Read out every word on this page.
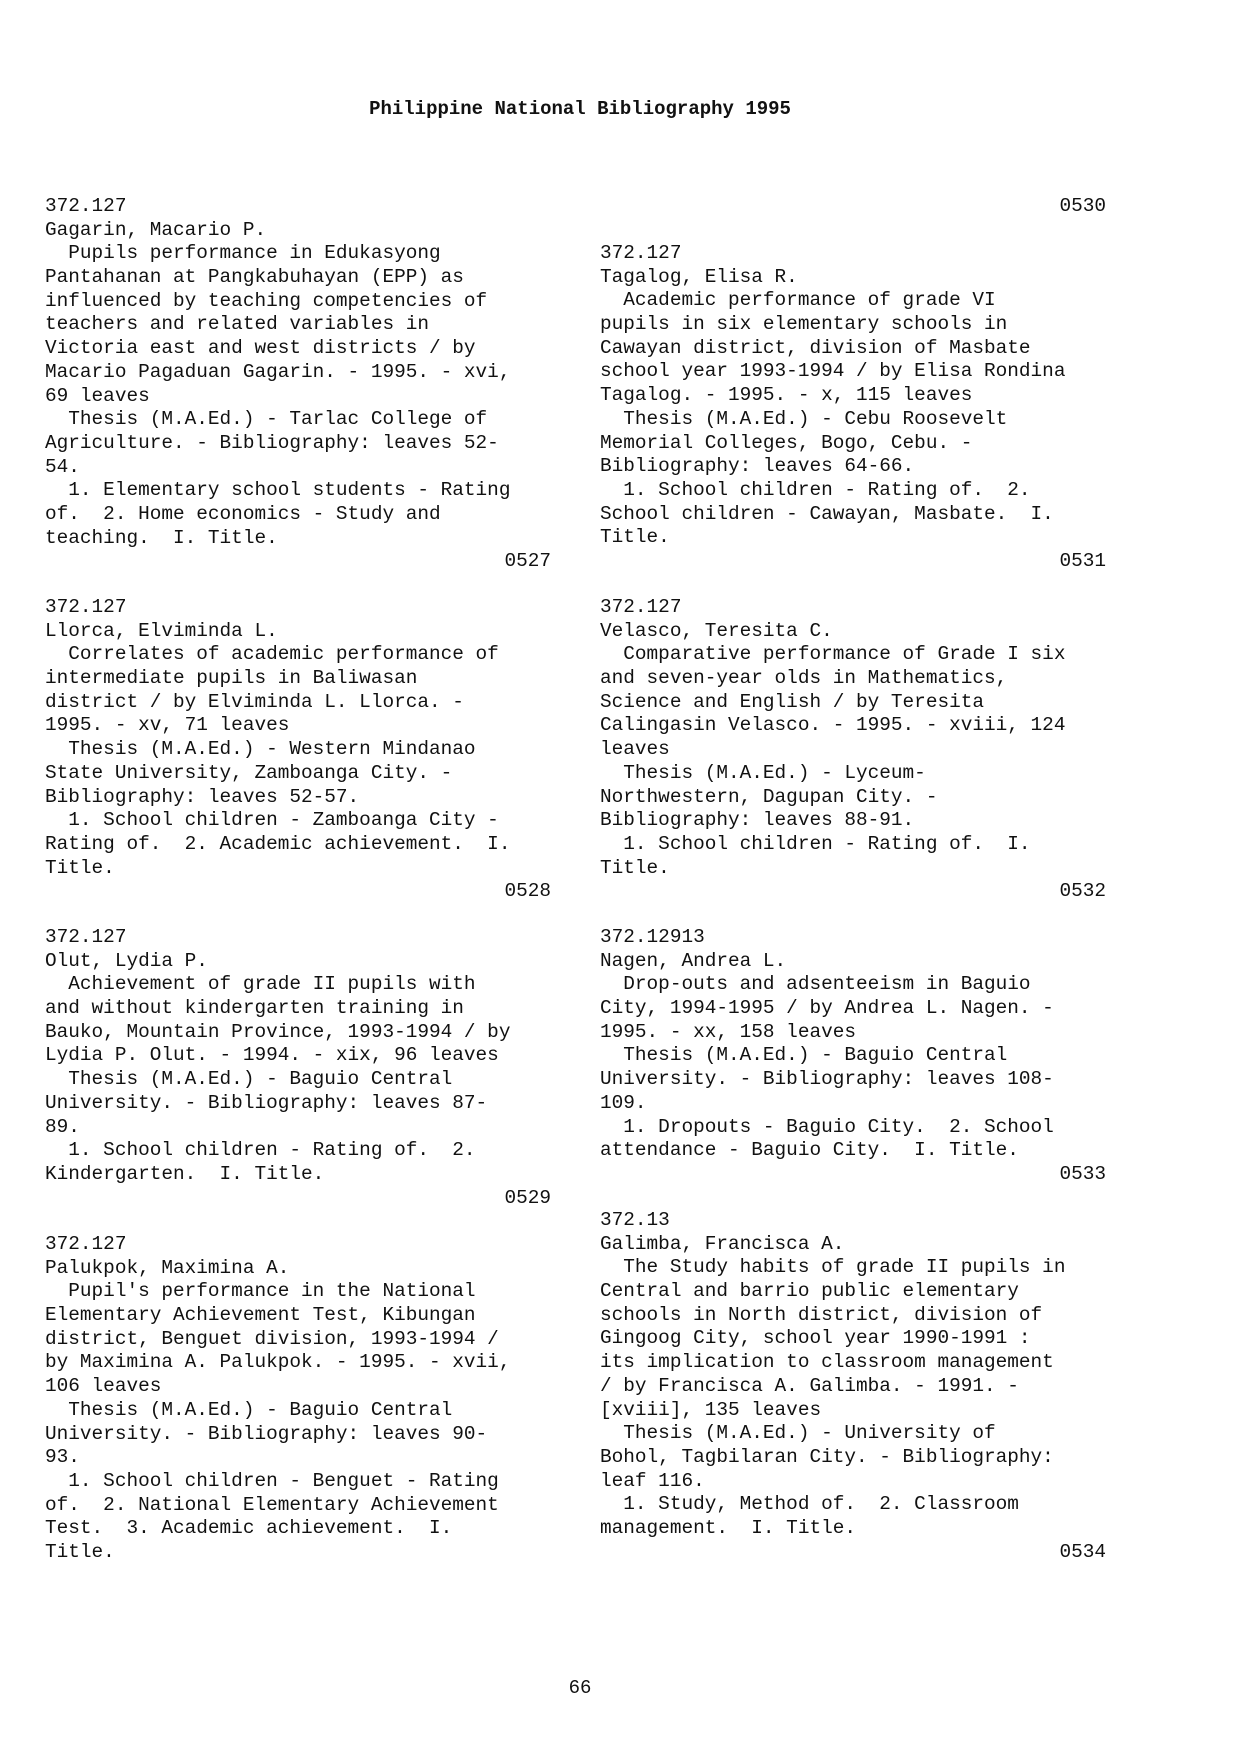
Philippine National Bibliography 1995
372.127
Gagarin, Macario P.
Pupils performance in Edukasyong
Pantahanan at Pangkabuhayan (EPP) as
influenced by teaching competencies of
teachers and related variables in
Victoria east and west districts / by
Macario Pagaduan Gagarin. - 1995. - xvi,
69 leaves
Thesis (M.A.Ed.) - Tarlac College of
Agriculture. - Bibliography: leaves 52-
54.
1. Elementary school students - Rating
of.  2. Home economics - Study and
teaching.  I. Title.
0527
372.127
Llorca, Elviminda L.
Correlates of academic performance of
intermediate pupils in Baliwasan
district / by Elviminda L. Llorca. -
1995. - xv, 71 leaves
Thesis (M.A.Ed.) - Western Mindanao
State University, Zamboanga City. -
Bibliography: leaves 52-57.
1. School children - Zamboanga City -
Rating of.  2. Academic achievement.  I.
Title.
0528
372.127
Olut, Lydia P.
Achievement of grade II pupils with
and without kindergarten training in
Bauko, Mountain Province, 1993-1994 / by
Lydia P. Olut. - 1994. - xix, 96 leaves
Thesis (M.A.Ed.) - Baguio Central
University. - Bibliography: leaves 87-
89.
1. School children - Rating of.  2.
Kindergarten.  I. Title.
0529
372.127
Palukpok, Maximina A.
Pupil's performance in the National
Elementary Achievement Test, Kibungan
district, Benguet division, 1993-1994 /
by Maximina A. Palukpok. - 1995. - xvii,
106 leaves
Thesis (M.A.Ed.) - Baguio Central
University. - Bibliography: leaves 90-
93.
1. School children - Benguet - Rating
of.  2. National Elementary Achievement
Test.  3. Academic achievement.  I.
Title.
0530
372.127
Tagalog, Elisa R.
Academic performance of grade VI
pupils in six elementary schools in
Cawayan district, division of Masbate
school year 1993-1994 / by Elisa Rondina
Tagalog. - 1995. - x, 115 leaves
Thesis (M.A.Ed.) - Cebu Roosevelt
Memorial Colleges, Bogo, Cebu. -
Bibliography: leaves 64-66.
1. School children - Rating of.  2.
School children - Cawayan, Masbate.  I.
Title.
0531
372.127
Velasco, Teresita C.
Comparative performance of Grade I six
and seven-year olds in Mathematics,
Science and English / by Teresita
Calingasin Velasco. - 1995. - xviii, 124
leaves
Thesis (M.A.Ed.) - Lyceum-
Northwestern, Dagupan City. -
Bibliography: leaves 88-91.
1. School children - Rating of.  I.
Title.
0532
372.12913
Nagen, Andrea L.
Drop-outs and adsenteeism in Baguio
City, 1994-1995 / by Andrea L. Nagen. -
1995. - xx, 158 leaves
Thesis (M.A.Ed.) - Baguio Central
University. - Bibliography: leaves 108-
109.
1. Dropouts - Baguio City.  2. School
attendance - Baguio City.  I. Title.
0533
372.13
Galimba, Francisca A.
The Study habits of grade II pupils in
Central and barrio public elementary
schools in North district, division of
Gingoog City, school year 1990-1991 :
its implication to classroom management
/ by Francisca A. Galimba. - 1991. -
[xviii], 135 leaves
Thesis (M.A.Ed.) - University of
Bohol, Tagbilaran City. - Bibliography:
leaf 116.
1. Study, Method of.  2. Classroom
management.  I. Title.
0534
66
